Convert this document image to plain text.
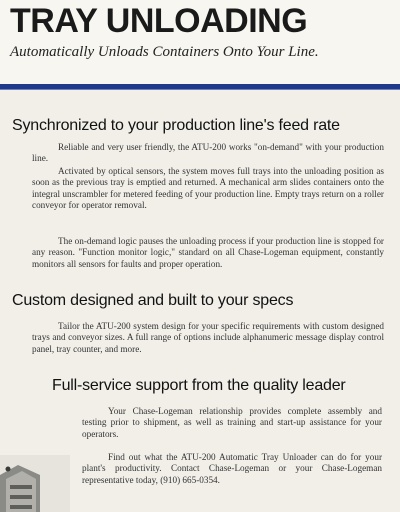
TRAY UNLOADING
Automatically Unloads Containers Onto Your Line.
Synchronized to your production line's feed rate
Reliable and very user friendly, the ATU-200 works "on-demand" with your production line.
Activated by optical sensors, the system moves full trays into the unloading position as soon as the previous tray is emptied and returned. A mechanical arm slides containers onto the integral unscrambler for metered feeding of your production line. Empty trays return on a roller conveyor for operator removal.
The on-demand logic pauses the unloading process if your production line is stopped for any reason. "Function monitor logic," standard on all Chase-Logeman equipment, constantly monitors all sensors for faults and proper operation.
Custom designed and built to your specs
Tailor the ATU-200 system design for your specific requirements with custom designed trays and conveyor sizes. A full range of options include alphanumeric message display control panel, tray counter, and more.
Full-service support from the quality leader
Your Chase-Logeman relationship provides complete assembly and testing prior to shipment, as well as training and start-up assistance for your operators.
Find out what the ATU-200 Automatic Tray Unloader can do for your plant's productivity. Contact Chase-Logeman or your Chase-Logeman representative today, (910) 665-0354.
